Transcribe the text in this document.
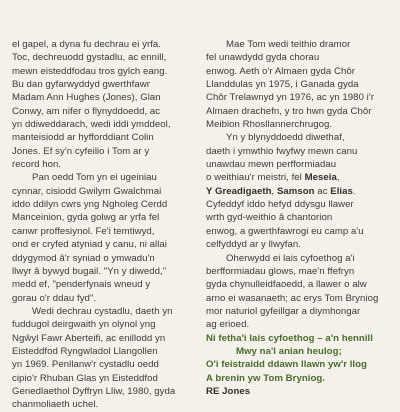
el gapel, a dyna fu dechrau ei yrfa.
Toc, dechreuodd gystadlu, ac ennill,
mewn eisteddfodau tros gylch eang.
Bu dan gyfarwyddyd gwerthfawr
Madam Ann Hughes (Jones), Glan
Conwy, am nifer o flynyddoedd, ac
yn ddiweddarach, wedi iddi ymddeol,
manteisiodd ar hyfforddiant Colin
Jones. Ef sy'n cyfeilio i Tom ar y
record hon.

Pan oedd Tom yn ei ugeiniau
cynnar, cisiodd Gwilym Gwalchmai
iddo ddilyn cwrs yng Ngholeg Cerdd
Manceinion, gyda golwg ar yrfa fel
canwr proffesiynol. Fe'i temtiwyd,
ond er cryfed atyniad y canu, ni allai
ddygymod â'r syniad o ymwadu'n
llwyr â bywyd bugail. "Yn y diwedd,"
medd ef, "penderfynais wneud y
gorau o'r ddau fyd".

Wedi dechrau cystadlu, daeth yn
fuddugol deirgwaith yn olynol yng
Ngŵyl Fawr Aberteifi, ac enillodd yn
Eisteddfod Ryngwladol Llangollen
yn 1969. Penllanw'r cystadlu oedd
cipio'r Rhuban Glas yn Eisteddfod
Genedlaethol Dyffryn Lliw, 1980, gyda
chanmoliaeth uchel.

Mae Tom wedi teithio dramor
fel unawdydd gyda chorau
enwog. Aeth o'r Almaen gyda Chôr
Llanddulas yn 1975, i Ganada gyda
Chôr Trelawnyd yn 1976, ac yn 1980 i'r
Almaen drachefn, y tro hwn gyda Chôr
Meibion Rhosllannerchrugog.

Yn y blynyddoedd diwethaf,
daeth i ymwthio fwyfwy mewn canu
unawdau mewn perfformiadau
o weithiau'r meistri, fel Meseia,
Y Greadigaeth, Samson ac Elias.
Cyfeddyf iddo hefyd ddysgu llawer
wrth gyd-weithio â chantorion
enwog, a gwerthfawrogi eu camp a'u
celfyddyd ar y llwyfan.

Oherwydd ei lais cyfoethog a'i
berfformiadau glows, mae'n ffefryn
gyda chynulleidfaoedd, a llawer o alw
arno ei wasanaeth; ac erys Tom Bryniog
mor naturiol gyfeillgar a diymhongar
ag erioed.

Ni fetha'i lais cyfoethog – a'n hennill
Mwy na'l anian heulog;
O'i feistraidd ddawn llawn yw'r llog
A brenin yw Tom Bryniog.

RE Jones
